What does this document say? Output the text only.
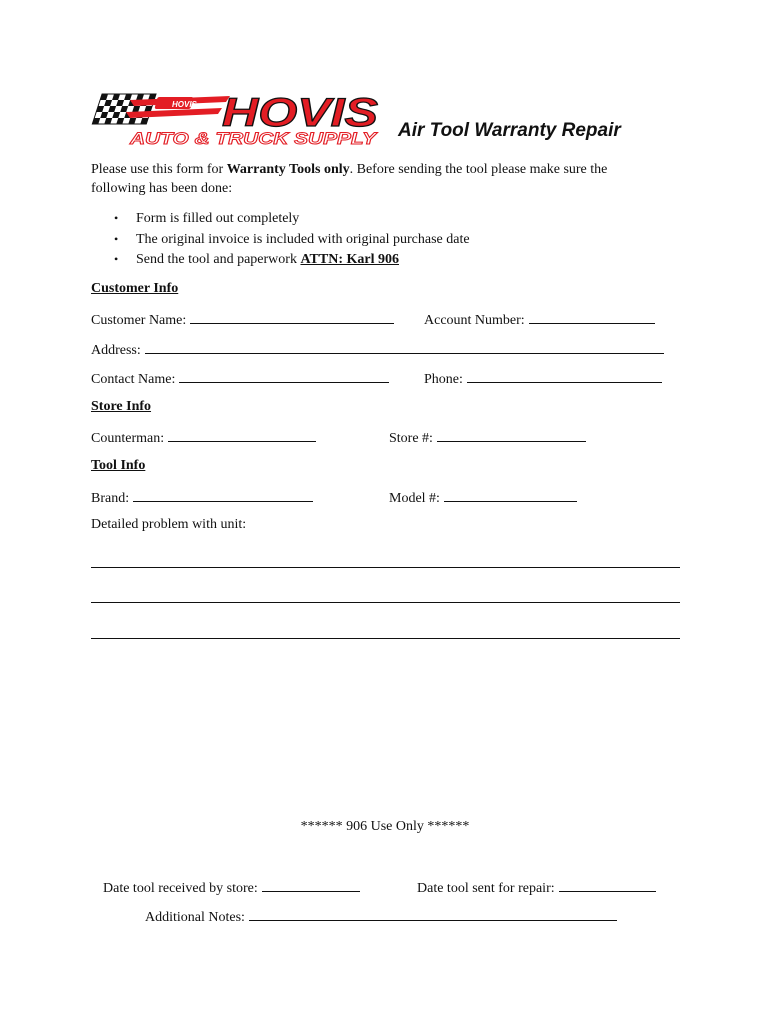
HOVIS HOVIS
AUTO & TRUCK SUPPLY Air Tool Warranty Repair
Please use this form for Warranty Tools only. Before sending the tool please make sure the
following has been done:
• Form is filled out completely
• The original invoice is included with original purchase date
• Send the tool and paperwork ATTN: Karl 906
Customer Info
Customer Name:	Account Number:
Address:
Contact Name:	Phone:
Store Info
Counterman:	Store #:
Tool Info
Brand:	Model #:
Detailed problem with unit:
****** 906 Use Only ******
Date tool received by store:	Date tool sent for repair:
Additional Notes:
